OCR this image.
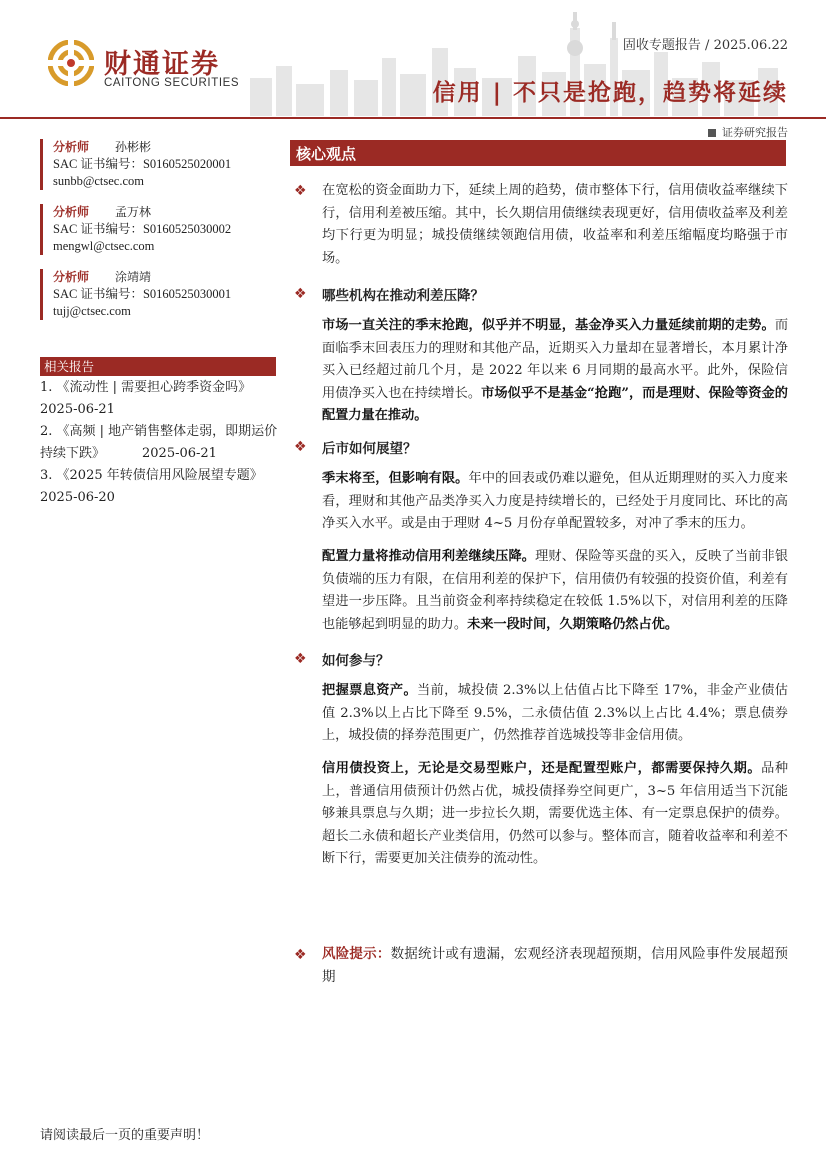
财通证券
CAITONG SECURITIES
固收专题报告 / 2025.06.22
信用 | 不只是抢跑，趋势将延续
证券研究报告
分析师 孙彬彬
SAC 证书编号：S0160525020001
sunbb@ctsec.com
分析师 孟万林
SAC 证书编号：S0160525030002
mengwl@ctsec.com
分析师 涂靖靖
SAC 证书编号：S0160525030001
tujj@ctsec.com
相关报告
1. 《流动性 | 需要担心跨季资金吗》
2025-06-21
2. 《高频 | 地产销售整体走弱，即期运价持续下跌》	2025-06-21
3. 《2025 年转债信用风险展望专题》
2025-06-20
核心观点
❖ 在宽松的资金面助力下，延续上周的趋势，债市整体下行，信用债收益率继续下行，信用利差被压缩。其中，长久期信用债继续表现更好，信用债收益率及利差均下行更为明显；城投债继续领跑信用债，收益率和利差压缩幅度均略强于市场。
❖ 哪些机构在推动利差压降？
市场一直关注的季末抢跑，似乎并不明显，基金净买入力量延续前期的走势。而面临季末回表压力的理财和其他产品，近期买入力量却在显著增长，本月累计净买入已经超过前几个月，是 2022 年以来 6 月同期的最高水平。此外，保险信用债净买入也在持续增长。市场似乎不是基金“抢跑”，而是理财、保险等资金的配置力量在推动。
❖ 后市如何展望？
季末将至，但影响有限。年中的回表或仍难以避免，但从近期理财的买入力度来看，理财和其他产品类净买入力度是持续增长的，已经处于月度同比、环比的高净买入水平。或是由于理财 4~5 月份存单配置较多，对冲了季末的压力。
配置力量将推动信用利差继续压降。理财、保险等买盘的买入，反映了当前非银负债端的压力有限，在信用利差的保护下，信用债仍有较强的投资价值，利差有望进一步压降。且当前资金利率持续稳定在较低 1.5%以下，对信用利差的压降也能够起到明显的助力。未来一段时间，久期策略仍然占优。
❖ 如何参与？
把握票息资产。当前，城投债 2.3%以上估值占比下降至 17%，非金产业债估值 2.3%以上占比下降至 9.5%，二永债估值 2.3%以上占比 4.4%；票息债券上，城投债的择券范围更广，仍然推荐首选城投等非金信用债。
信用债投资上，无论是交易型账户，还是配置型账户，都需要保持久期。品种上，普通信用债预计仍然占优，城投债择券空间更广，3~5 年信用适当下沉能够兼具票息与久期；进一步拉长久期，需要优选主体、有一定票息保护的债券。超长二永债和超长产业类信用，仍然可以参与。整体而言，随着收益率和利差不断下行，需要更加关注债券的流动性。
❖ 风险提示：数据统计或有遗漏，宏观经济表现超预期，信用风险事件发展超预期
请阅读最后一页的重要声明！
